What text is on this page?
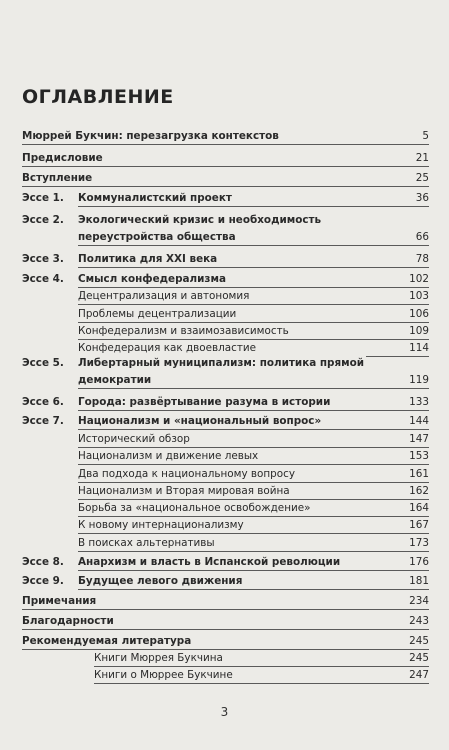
ОГЛАВЛЕНИЕ
Мюррей Букчин: перезагрузка контекстов	5
Предисловие	21
Вступление	25
Эссе 1. Коммуналистский проект	36
Эссе 2. Экологический кризис и необходимость
переустройства общества	66
Эссе 3. Политика для XXI века	78
Эссе 4. Смысл конфедерализма	102
Децентрализация и автономия	103
Проблемы децентрализации	106
Конфедерализм и взаимозависимость	109
Конфедерация как двоевластие	114
Эссе 5. Либертарный муниципализм: политика прямой
демократии	119
Эссе 6. Города: развёртывание разума в истории	133
Эссе 7. Национализм и «национальный вопрос»	144
Исторический обзор	147
Национализм и движение левых	153
Два подхода к национальному вопросу	161
Национализм и Вторая мировая война	162
Борьба за «национальное освобождение»	164
К новому интернационализму	167
В поисках альтернативы	173
Эссе 8. Анархизм и власть в Испанской революции	176
Эссе 9. Будущее левого движения	181
Примечания	234
Благодарности	243
Рекомендуемая литература	245
Книги Мюррея Букчина	245
Книги о Мюррее Букчине	247
3
